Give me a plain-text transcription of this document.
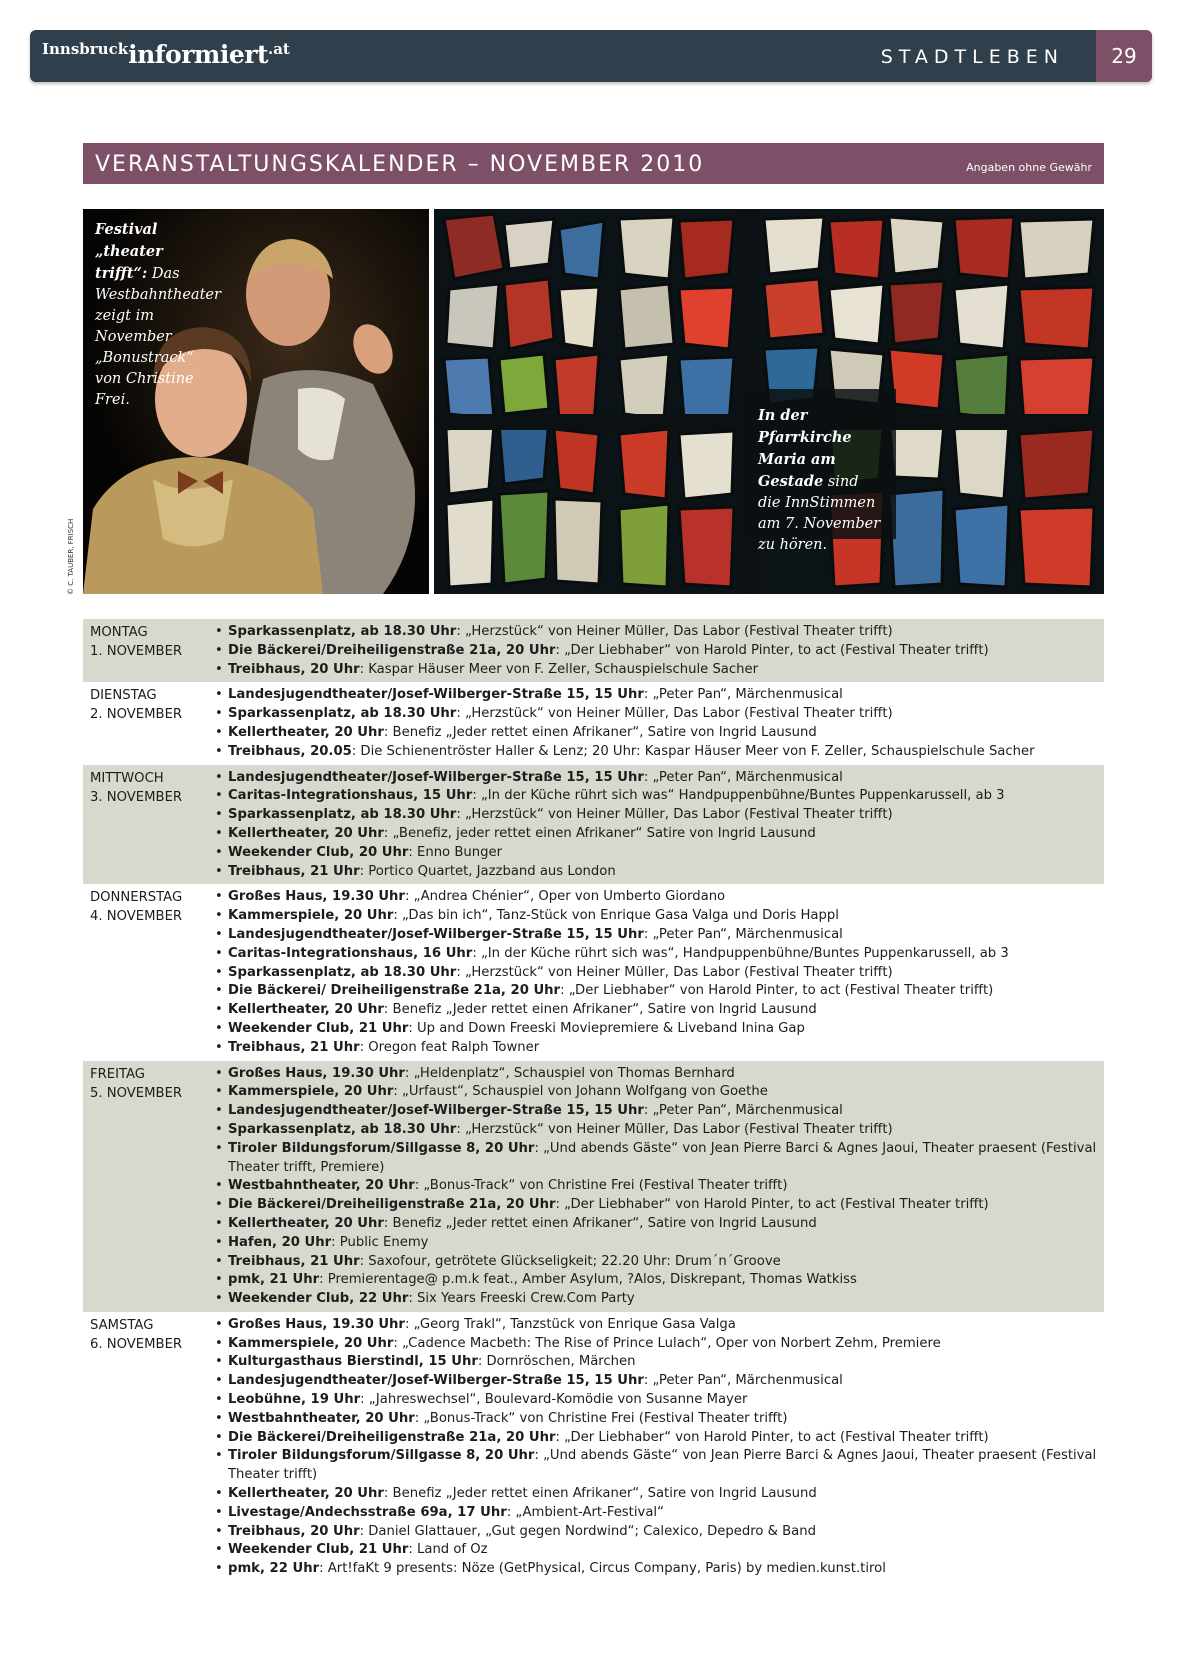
Innsbruckinformiert.at	STADTLEBEN	29
VERANSTALTUNGSKALENDER – NOVEMBER 2010	Angaben ohne Gewähr
Festival „theater trifft“: Das Westbahntheater zeigt im November „Bonustrack“ von Christine Frei.
In der Pfarrkirche Maria am Gestade sind die InnStimmen am 7. November zu hören.
© C. TAUBER, FRISCH
MONTAG
1. NOVEMBER
• Sparkassenplatz, ab 18.30 Uhr: „Herzstück“ von Heiner Müller, Das Labor (Festival Theater trifft)
• Die Bäckerei/Dreiheiligenstraße 21a, 20 Uhr: „Der Liebhaber“ von Harold Pinter, to act (Festival Theater trifft)
• Treibhaus, 20 Uhr: Kaspar Häuser Meer von F. Zeller, Schauspielschule Sacher
DIENSTAG
2. NOVEMBER
• Landesjugendtheater/Josef-Wilberger-Straße 15, 15 Uhr: „Peter Pan“, Märchenmusical
• Sparkassenplatz, ab 18.30 Uhr: „Herzstück“ von Heiner Müller, Das Labor (Festival Theater trifft)
• Kellertheater, 20 Uhr: Benefiz „Jeder rettet einen Afrikaner“, Satire von Ingrid Lausund
• Treibhaus, 20.05: Die Schienentröster Haller & Lenz; 20 Uhr: Kaspar Häuser Meer von F. Zeller, Schauspielschule Sacher
MITTWOCH
3. NOVEMBER
• Landesjugendtheater/Josef-Wilberger-Straße 15, 15 Uhr: „Peter Pan“, Märchenmusical
• Caritas-Integrationshaus, 15 Uhr: „In der Küche rührt sich was“ Handpuppenbühne/Buntes Puppenkarussell, ab 3
• Sparkassenplatz, ab 18.30 Uhr: „Herzstück“ von Heiner Müller, Das Labor (Festival Theater trifft)
• Kellertheater, 20 Uhr: „Benefiz, jeder rettet einen Afrikaner“ Satire von Ingrid Lausund
• Weekender Club, 20 Uhr: Enno Bunger
• Treibhaus, 21 Uhr: Portico Quartet, Jazzband aus London
DONNERSTAG
4. NOVEMBER
• Großes Haus, 19.30 Uhr: „Andrea Chénier“, Oper von Umberto Giordano
• Kammerspiele, 20 Uhr: „Das bin ich“, Tanz-Stück von Enrique Gasa Valga und Doris Happl
• Landesjugendtheater/Josef-Wilberger-Straße 15, 15 Uhr: „Peter Pan“, Märchenmusical
• Caritas-Integrationshaus, 16 Uhr: „In der Küche rührt sich was“, Handpuppenbühne/Buntes Puppenkarussell, ab 3
• Sparkassenplatz, ab 18.30 Uhr: „Herzstück“ von Heiner Müller, Das Labor (Festival Theater trifft)
• Die Bäckerei/ Dreiheiligenstraße 21a, 20 Uhr: „Der Liebhaber“ von Harold Pinter, to act (Festival Theater trifft)
• Kellertheater, 20 Uhr: Benefiz „Jeder rettet einen Afrikaner“, Satire von Ingrid Lausund
• Weekender Club, 21 Uhr: Up and Down Freeski Moviepremiere & Liveband Inina Gap
• Treibhaus, 21 Uhr: Oregon feat Ralph Towner
FREITAG
5. NOVEMBER
• Großes Haus, 19.30 Uhr: „Heldenplatz“, Schauspiel von Thomas Bernhard
• Kammerspiele, 20 Uhr: „Urfaust“, Schauspiel von Johann Wolfgang von Goethe
• Landesjugendtheater/Josef-Wilberger-Straße 15, 15 Uhr: „Peter Pan“, Märchenmusical
• Sparkassenplatz, ab 18.30 Uhr: „Herzstück“ von Heiner Müller, Das Labor (Festival Theater trifft)
• Tiroler Bildungsforum/Sillgasse 8, 20 Uhr: „Und abends Gäste“ von Jean Pierre Barci & Agnes Jaoui, Theater praesent (Festival Theater trifft, Premiere)
• Westbahntheater, 20 Uhr: „Bonus-Track“ von Christine Frei (Festival Theater trifft)
• Die Bäckerei/Dreiheiligenstraße 21a, 20 Uhr: „Der Liebhaber“ von Harold Pinter, to act (Festival Theater trifft)
• Kellertheater, 20 Uhr: Benefiz „Jeder rettet einen Afrikaner“, Satire von Ingrid Lausund
• Hafen, 20 Uhr: Public Enemy
• Treibhaus, 21 Uhr: Saxofour, getrötete Glückseligkeit; 22.20 Uhr: Drum´n´Groove
• pmk, 21 Uhr: Premierentage@ p.m.k feat., Amber Asylum, ?Alos, Diskrepant, Thomas Watkiss
• Weekender Club, 22 Uhr: Six Years Freeski Crew.Com Party
SAMSTAG
6. NOVEMBER
• Großes Haus, 19.30 Uhr: „Georg Trakl“, Tanzstück von Enrique Gasa Valga
• Kammerspiele, 20 Uhr: „Cadence Macbeth: The Rise of Prince Lulach“, Oper von Norbert Zehm, Premiere
• Kulturgasthaus Bierstindl, 15 Uhr: Dornröschen, Märchen
• Landesjugendtheater/Josef-Wilberger-Straße 15, 15 Uhr: „Peter Pan“, Märchenmusical
• Leobühne, 19 Uhr: „Jahreswechsel“, Boulevard-Komödie von Susanne Mayer
• Westbahntheater, 20 Uhr: „Bonus-Track“ von Christine Frei (Festival Theater trifft)
• Die Bäckerei/Dreiheiligenstraße 21a, 20 Uhr: „Der Liebhaber“ von Harold Pinter, to act (Festival Theater trifft)
• Tiroler Bildungsforum/Sillgasse 8, 20 Uhr: „Und abends Gäste“ von Jean Pierre Barci & Agnes Jaoui, Theater praesent (Festival Theater trifft)
• Kellertheater, 20 Uhr: Benefiz „Jeder rettet einen Afrikaner“, Satire von Ingrid Lausund
• Livestage/Andechsstraße 69a, 17 Uhr: „Ambient-Art-Festival“
• Treibhaus, 20 Uhr: Daniel Glattauer, „Gut gegen Nordwind“; Calexico, Depedro & Band
• Weekender Club, 21 Uhr: Land of Oz
• pmk, 22 Uhr: Art!faKt 9 presents: Nöze (GetPhysical, Circus Company, Paris) by medien.kunst.tirol
